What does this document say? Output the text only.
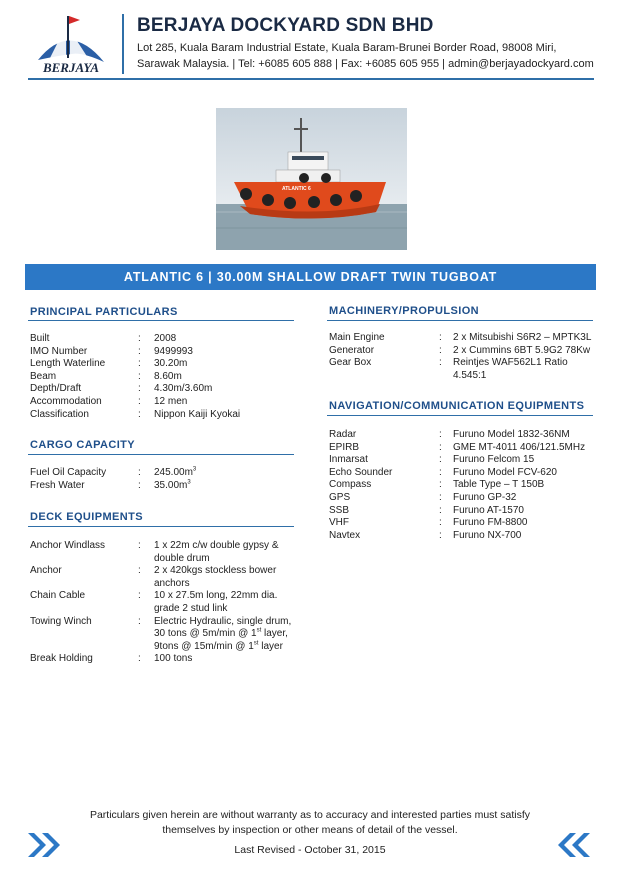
BERJAYA
BERJAYA DOCKYARD SDN BHD
Lot 285, Kuala Baram Industrial Estate, Kuala Baram-Brunei Border Road, 98008 Miri,
Sarawak Malaysia. | Tel: +6085 605 888 | Fax: +6085 605 955 | admin@berjayadockyard.com
ATLANTIC 6
ATLANTIC 6 | 30.00M SHALLOW DRAFT TWIN TUGBOAT
PRINCIPAL PARTICULARS
Built	: 2008
IMO Number	: 9499993
Length Waterline	: 30.20m
Beam	: 8.60m
Depth/Draft	: 4.30m/3.60m
Accommodation	: 12 men
Classification	: Nippon Kaiji Kyokai
CARGO CAPACITY
Fuel Oil Capacity	: $245.00m^3$
Fresh Water	: $35.00m^3$
DECK EQUIPMENTS
Anchor Windlass	: 1 x 22m c/w double gypsy &
double drum
Anchor	: 2 x 420kgs stockless bower
anchors
Chain Cable	: 10 x 27.5m long, 22mm dia.
grade 2 stud link
Towing Winch	: Electric Hydraulic, single drum,
30 tons @ 5m/min @ 1st layer,
9tons @ 15m/min @ 1st layer
Break Holding	: 100 tons
MACHINERY/PROPULSION
Main Engine	: 2 x Mitsubishi S6R2 – MPTK3L
Generator	: 2 x Cummins 6BT 5.9G2 78Kw
Gear Box	: Reintjes WAF562L1 Ratio
4.545:1
NAVIGATION/COMMUNICATION EQUIPMENTS
Radar	: Furuno Model 1832-36NM
EPIRB	: GME MT-4011 406/121.5MHz
Inmarsat	: Furuno Felcom 15
Echo Sounder	: Furuno Model FCV-620
Compass	: Table Type – T 150B
GPS	: Furuno GP-32
SSB	: Furuno AT-1570
VHF	: Furuno FM-8800
Navtex	: Furuno NX-700
Particulars given herein are without warranty as to accuracy and interested parties must satisfy
themselves by inspection or other means of detail of the vessel.
Last Revised - October 31, 2015
